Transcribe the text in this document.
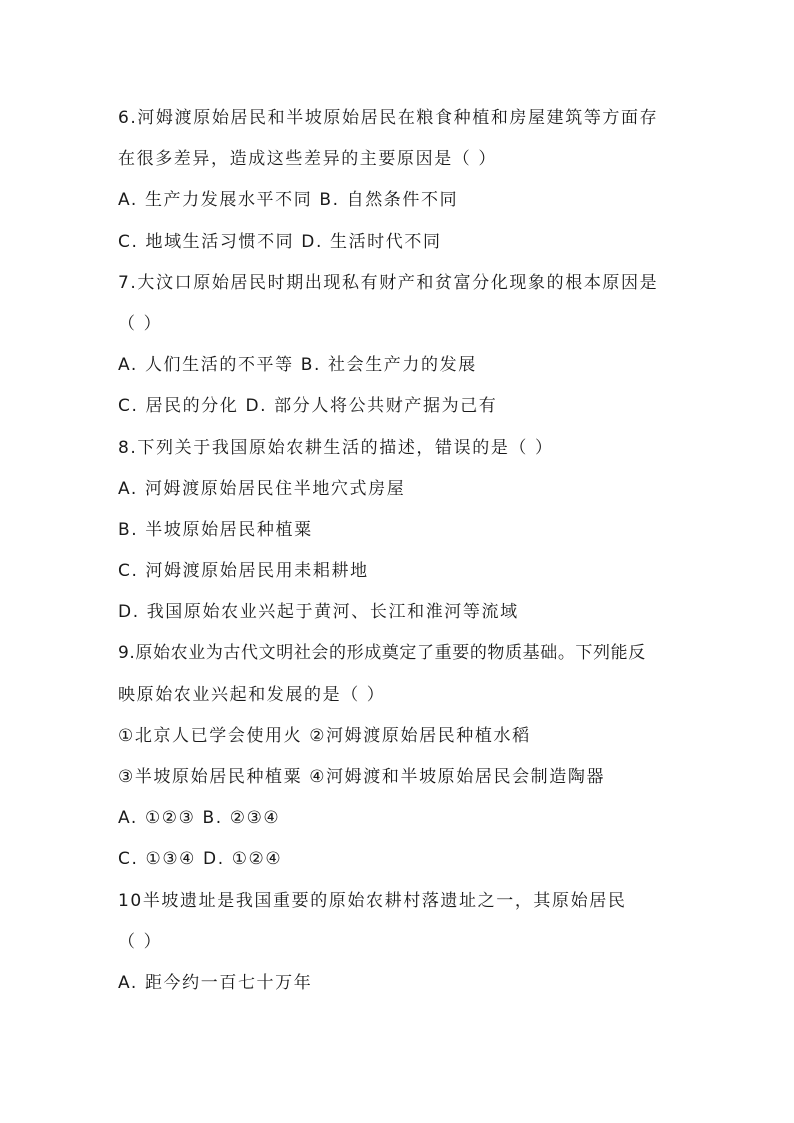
6.河姆渡原始居民和半坡原始居民在粮食种植和房屋建筑等方面存
在很多差异，造成这些差异的主要原因是（ ）
A. 生产力发展水平不同 B. 自然条件不同
C. 地域生活习惯不同 D. 生活时代不同
7.大汶口原始居民时期出现私有财产和贫富分化现象的根本原因是
（ ）
A. 人们生活的不平等 B. 社会生产力的发展
C. 居民的分化 D. 部分人将公共财产据为己有
8.下列关于我国原始农耕生活的描述，错误的是（ ）
A. 河姆渡原始居民住半地穴式房屋
B. 半坡原始居民种植粟
C. 河姆渡原始居民用耒耜耕地
D. 我国原始农业兴起于黄河、长江和淮河等流域
9.原始农业为古代文明社会的形成奠定了重要的物质基础。下列能反
映原始农业兴起和发展的是（ ）
①北京人已学会使用火 ②河姆渡原始居民种植水稻
③半坡原始居民种植粟 ④河姆渡和半坡原始居民会制造陶器
A. ①②③ B. ②③④
C. ①③④ D. ①②④
10半坡遗址是我国重要的原始农耕村落遗址之一，其原始居民
（ ）
A. 距今约一百七十万年
